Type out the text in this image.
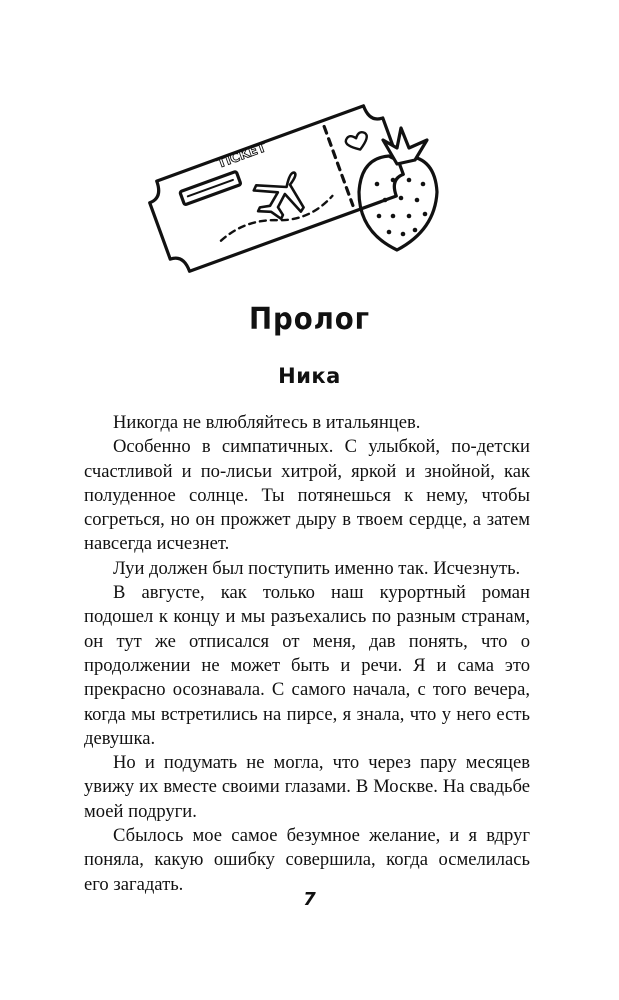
TICKET
Пролог
Ника

Никогда не влюбляйтесь в итальянцев.

Особенно в симпатичных. С улыбкой, по-детски счастливой и по-лисьи хитрой, яркой и знойной, как полуденное солнце. Ты потянешься к нему, чтобы согреться, но он прожжет дыру в твоем сердце, а затем навсегда исчезнет.

Луи должен был поступить именно так. Исчезнуть.

В августе, как только наш курортный роман подошел к концу и мы разъехались по разным странам, он тут же отписался от меня, дав понять, что о продолжении не может быть и речи. Я и сама это прекрасно осознавала. С самого начала, с того вечера, когда мы встретились на пирсе, я знала, что у него есть девушка.

Но и подумать не могла, что через пару месяцев увижу их вместе своими глазами. В Москве. На свадьбе моей подруги.

Сбылось мое самое безумное желание, и я вдруг поняла, какую ошибку совершила, когда осмелилась его загадать.

7
